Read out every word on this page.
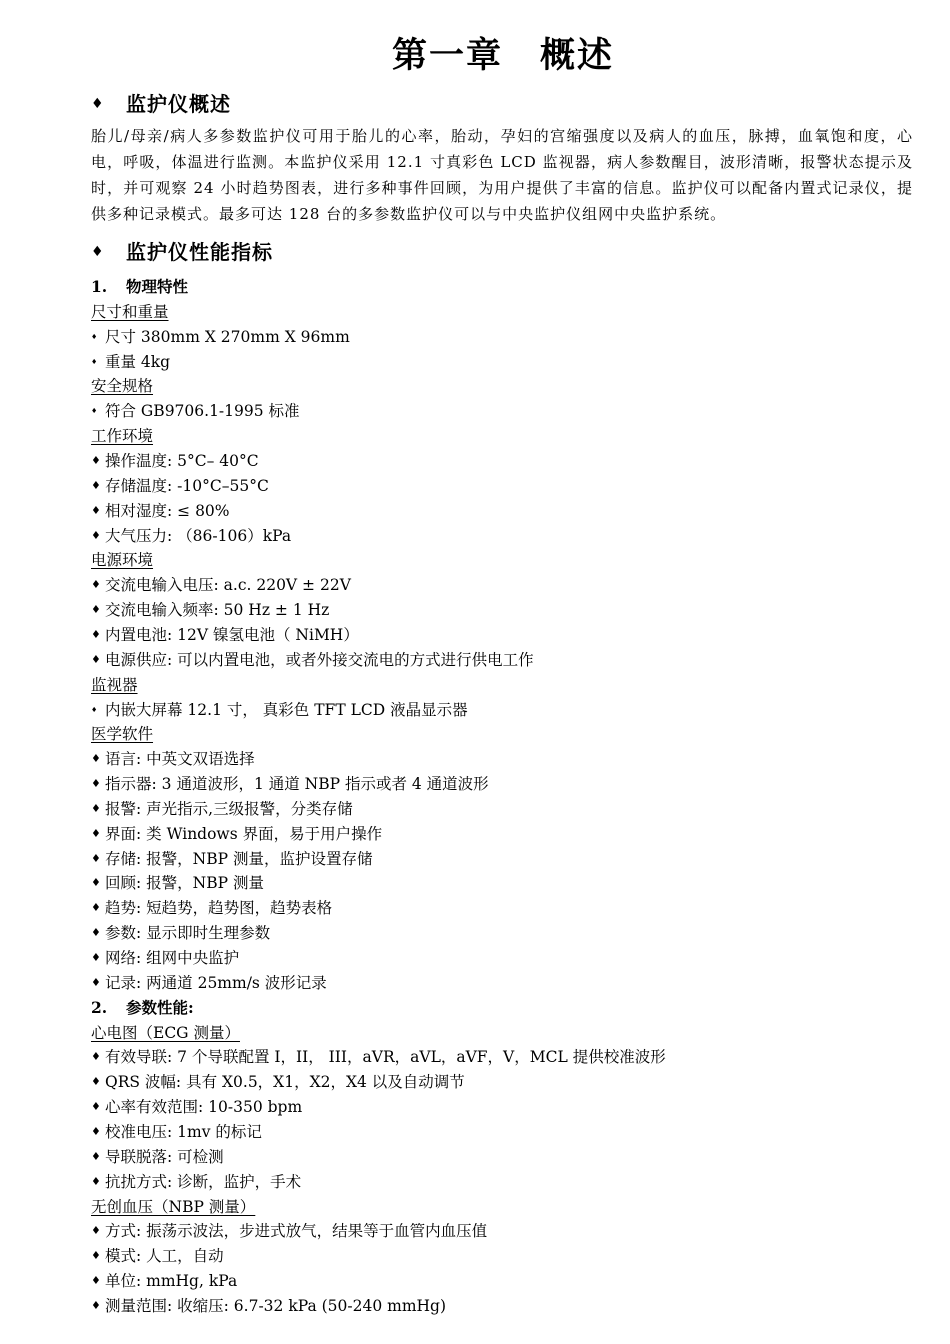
第一章　概述
♦ 监护仪概述
胎儿/母亲/病人多参数监护仪可用于胎儿的心率，胎动，孕妇的宫缩强度以及病人的血压，脉搏，血氧饱和度，心电，呼吸，体温进行监测。本监护仪采用 12.1 寸真彩色 LCD 监视器，病人参数醒目，波形清晰，报警状态提示及时，并可观察 24 小时趋势图表，进行多种事件回顾，为用户提供了丰富的信息。监护仪可以配备内置式记录仪，提供多种记录模式。最多可达 128 台的多参数监护仪可以与中央监护仪组网中央监护系统。
♦ 监护仪性能指标
1. 物理特性
尺寸和重量
♦ 尺寸 380mm X 270mm X 96mm
♦ 重量 4kg
安全规格
♦ 符合 GB9706.1-1995 标准
工作环境
♦ 操作温度: 5°C– 40°C
♦ 存储温度: -10°C–55°C
♦ 相对湿度: ≤ 80%
♦ 大气压力: （86-106）kPa
电源环境
♦ 交流电输入电压: a.c. 220V ± 22V
♦ 交流电输入频率: 50 Hz ± 1 Hz
♦ 内置电池: 12V 镍氢电池（ NiMH）
♦ 电源供应: 可以内置电池，或者外接交流电的方式进行供电工作
监视器
♦ 内嵌大屏幕 12.1 寸， 真彩色 TFT LCD 液晶显示器
医学软件
♦ 语言: 中英文双语选择
♦ 指示器: 3 通道波形，1 通道 NBP 指示或者 4 通道波形
♦ 报警: 声光指示,三级报警，分类存储
♦ 界面: 类 Windows 界面，易于用户操作
♦ 存储: 报警，NBP 测量，监护设置存储
♦ 回顾: 报警，NBP 测量
♦ 趋势: 短趋势，趋势图，趋势表格
♦ 参数: 显示即时生理参数
♦ 网络: 组网中央监护
♦ 记录: 两通道 25mm/s 波形记录
2. 参数性能:
心电图（ECG 测量）
♦ 有效导联: 7 个导联配置 I，II， III，aVR，aVL，aVF，V，MCL 提供校准波形
♦ QRS 波幅: 具有 X0.5，X1，X2，X4 以及自动调节
♦ 心率有效范围: 10-350 bpm
♦ 校准电压: 1mv 的标记
♦ 导联脱落: 可检测
♦ 抗扰方式: 诊断，监护，手术
无创血压（NBP 测量）
♦ 方式: 振荡示波法，步进式放气，结果等于血管内血压值
♦ 模式: 人工，自动
♦ 单位: mmHg, kPa
♦ 测量范围: 收缩压: 6.7-32 kPa (50-240 mmHg)
